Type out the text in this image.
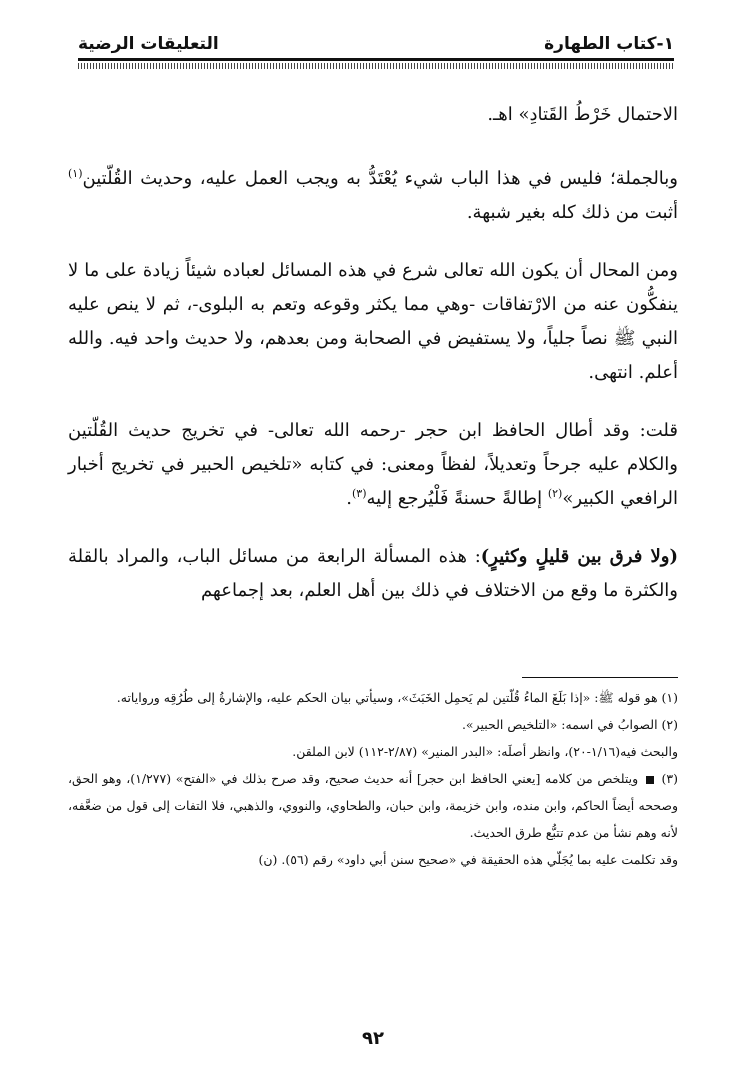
١-كتاب الطهارة
التعليقات الرضية

الاحتمال خَرْطُ القَتادِ» اهـ.

وبالجملة؛ فليس في هذا الباب شيء يُعْتَدُّ به ويجب العمل عليه، وحديث القُلّتين$^{(١)}$ أثبت من ذلك كله بغير شبهة.

ومن المحال أن يكون الله تعالى شرع في هذه المسائل لعباده شيئاً زيادة على ما لا ينفكُّون عنه من الارْتفاقات -وهي مما يكثر وقوعه وتعم به البلوى-، ثم لا ينص عليه النبي ﷺ نصاً جلياً، ولا يستفيض في الصحابة ومن بعدهم، ولا حديث واحد فيه. والله أعلم. انتهى.

قلت: وقد أطال الحافظ ابن حجر -رحمه الله تعالى- في تخريج حديث القُلّتين والكلام عليه جرحاً وتعديلاً، لفظاً ومعنى: في كتابه «تلخيص الحبير في تخريج أخبار الرافعي الكبير»$^{(٢)}$ إطالةً حسنةً فَلْيُرجع إليه$^{(٣)}$.

(ولا فرق بين قليلٍ وكثيرٍ): هذه المسألة الرابعة من مسائل الباب، والمراد بالقلة والكثرة ما وقع من الاختلاف في ذلك بين أهل العلم، بعد إجماعهم

(١) هو قوله ﷺ: «إذا بَلَغَ الماءُ قُلّتين لم يَحمِل الخَبَثَ»، وسيأتي بيان الحكم عليه، والإشارةُ إلى طُرُقِه ورواياته.

(٢) الصوابُ في اسمه: «التلخيص الحبير».

والبحث فيه(١/١٦-٢٠)، وانظر أصلَه: «البدر المنير» (٢/٨٧-١١٢) لابن الملقن.

(٣)  ويتلخص من كلامه [يعني الحافظ ابن حجر] أنه حديث صحيح، وقد صرح بذلك في «الفتح» (١/٢٧٧)، وهو الحق، وصححه أيضاً الحاكم، وابن منده، وابن خزيمة، وابن حبان، والطحاوي، والنووي، والذهبي، فلا التفات إلى قول من ضعَّفه، لأنه وهم نشأ من عدم تتبُّع طرق الحديث.

وقد تكلمت عليه بما يُجَلّي هذه الحقيقة في «صحيح سنن أبي داود» رقم (٥٦). (ن)

٩٢
